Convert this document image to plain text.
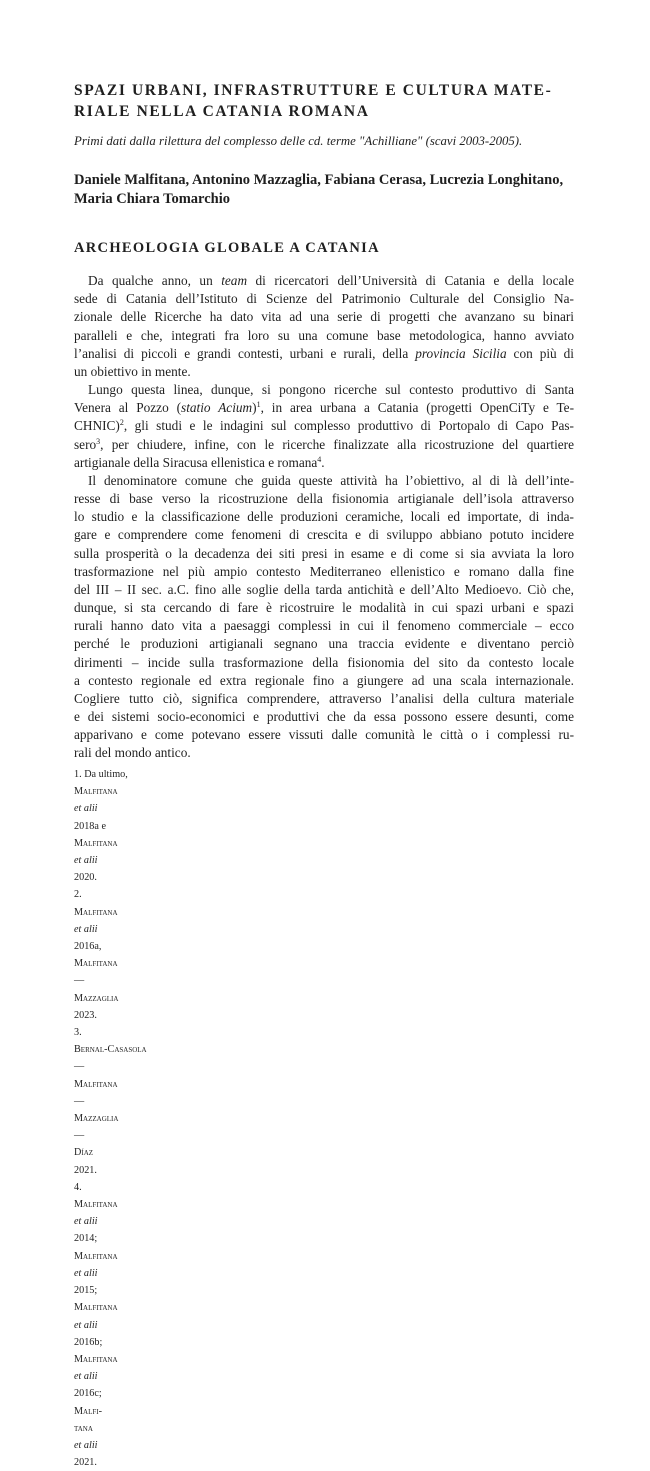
SPAZI URBANI, INFRASTRUTTURE E CULTURA MATE-
RIALE NELLA CATANIA ROMANA

Primi dati dalla rilettura del complesso delle cd. terme "Achilliane" (scavi 2003-2005).

Daniele Malfitana, Antonino Mazzaglia, Fabiana Cerasa, Lucrezia Longhitano,
Maria Chiara Tomarchio

ARCHEOLOGIA GLOBALE A CATANIA
Da qualche anno, un team di ricercatori dell’Università di Catania e della locale
sede di Catania dell’Istituto di Scienze del Patrimonio Culturale del Consiglio Na-
zionale delle Ricerche ha dato vita ad una serie di progetti che avanzano su binari
paralleli e che, integrati fra loro su una comune base metodologica, hanno avviato
l’analisi di piccoli e grandi contesti, urbani e rurali, della provincia Sicilia con più di
un obiettivo in mente.
Lungo questa linea, dunque, si pongono ricerche sul contesto produttivo di Santa
Venera al Pozzo (statio Acium)$^1$, in area urbana a Catania (progetti OpenCiTy e Te-
CHNIC)$^2$, gli studi e le indagini sul complesso produttivo di Portopalo di Capo Pas-
sero$^3$, per chiudere, infine, con le ricerche finalizzate alla ricostruzione del quartiere
artigianale della Siracusa ellenistica e romana$^4$.
Il denominatore comune che guida queste attività ha l’obiettivo, al di là dell’inte-
resse di base verso la ricostruzione della fisionomia artigianale dell’isola attraverso
lo studio e la classificazione delle produzioni ceramiche, locali ed importate, di inda-
gare e comprendere come fenomeni di crescita e di sviluppo abbiano potuto incidere
sulla prosperità o la decadenza dei siti presi in esame e di come si sia avviata la loro
trasformazione nel più ampio contesto Mediterraneo ellenistico e romano dalla fine
del III – II sec. a.C. fino alle soglie della tarda antichità e dell’Alto Medioevo. Ciò che,
dunque, si sta cercando di fare è ricostruire le modalità in cui spazi urbani e spazi
rurali hanno dato vita a paesaggi complessi in cui il fenomeno commerciale – ecco
perché le produzioni artigianali segnano una traccia evidente e diventano perciò
dirimenti – incide sulla trasformazione della fisionomia del sito da contesto locale
a contesto regionale ed extra regionale fino a giungere ad una scala internazionale.
Cogliere tutto ciò, significa comprendere, attraverso l’analisi della cultura materiale
e dei sistemi socio-economici e produttivi che da essa possono essere desunti, come
apparivano e come potevano essere vissuti dalle comunità le città o i complessi ru-
rali del mondo antico.
1. Da ultimo,
Malfitana
et alii
2018a e
Malfitana
et alii
2020.
2.
Malfitana
et alii
2016a,
Malfitana
—
Mazzaglia
2023.
3.
Bernal-Casasola
—
Malfitana
—
Mazzaglia
—
Díaz
2021.
4.
Malfitana
et alii
2014;
Malfitana
et alii
2015;
Malfitana
et alii
2016b;
Malfitana
et alii
2016c;
Malfi-
tana
et alii
2021.
